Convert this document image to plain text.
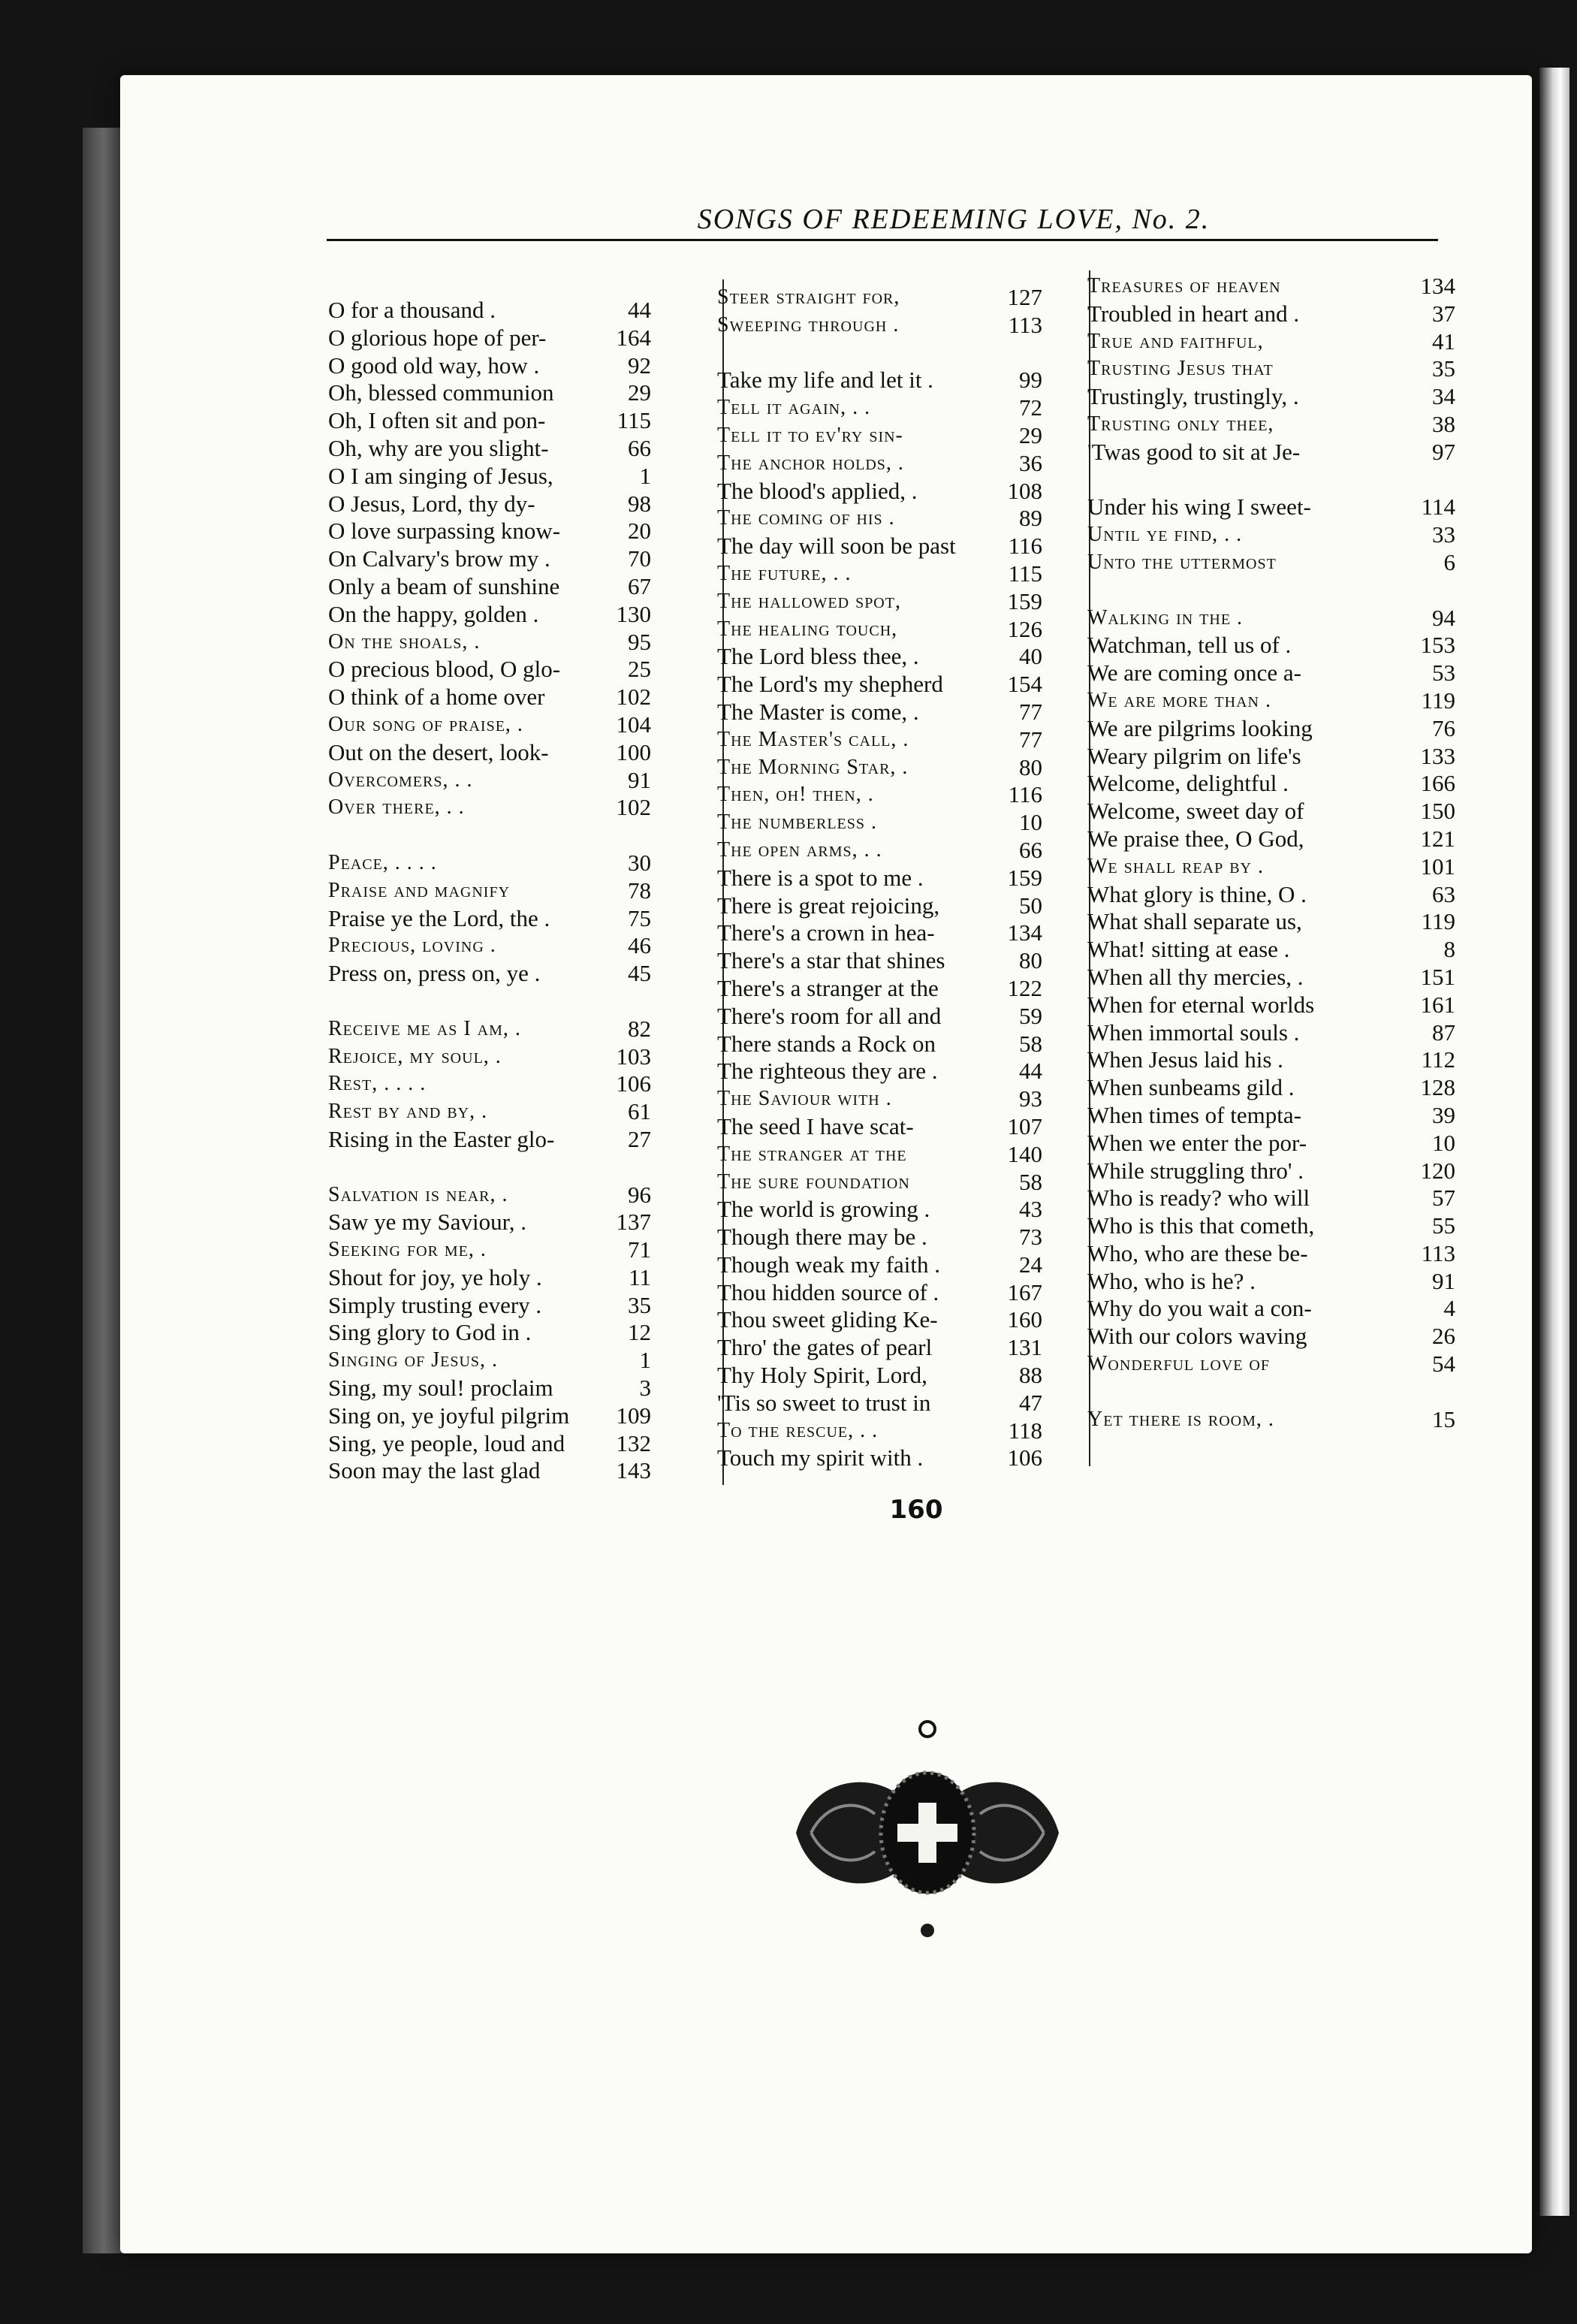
SONGS OF REDEEMING LOVE, No. 2.
O for a thousand .	44
O glorious hope of per-	164
O good old way, how .	92
Oh, blessed communion	29
Oh, I often sit and pon-	115
Oh, why are you slight-	66
O I am singing of Jesus,	1
O Jesus, Lord, thy dy-	98
O love surpassing know-	20
On Calvary's brow my .	70
Only a beam of sunshine	67
On the happy, golden .	130
On the shoals, .	95
O precious blood, O glo-	25
O think of a home over	102
Our song of praise, .	104
Out on the desert, look-	100
Overcomers, . .	91
Over there, . .	102
Peace, . . . .	30
Praise and magnify	78
Praise ye the Lord, the .	75
Precious, loving .	46
Press on, press on, ye .	45
Receive me as I am, .	82
Rejoice, my soul, .	103
Rest, . . . .	106
Rest by and by, .	61
Rising in the Easter glo-	27
Salvation is near, .	96
Saw ye my Saviour, .	137
Seeking for me, .	71
Shout for joy, ye holy .	11
Simply trusting every .	35
Sing glory to God in .	12
Singing of Jesus, .	1
Sing, my soul! proclaim	3
Sing on, ye joyful pilgrim 109
Sing, ye people, loud and 132
Soon may the last glad	143
Steer straight for,	127
Sweeping through .	113
Take my life and let it .	99
Tell it again, . .	72
Tell it to ev'ry sin-	29
The anchor holds, .	36
The blood's applied, .	108
The coming of his .	89
The day will soon be past 116
The future, . .	115
The hallowed spot,	159
The healing touch,	126
The Lord bless thee, .	40
The Lord's my shepherd	154
The Master is come, .	77
The Master's call, .	77
The Morning Star, .	80
Then, oh! then, .	116
The numberless .	10
The open arms, . .	66
There is a spot to me .	159
There is great rejoicing,	50
There's a crown in hea-	134
There's a star that shines	80
There's a stranger at the	122
There's room for all and	59
There stands a Rock on	58
The righteous they are .	44
The Saviour with .	93
The seed I have scat-	107
The stranger at the	140
The sure foundation	58
The world is growing .	43
Though there may be .	73
Though weak my faith .	24
Thou hidden source of .	167
Thou sweet gliding Ke-	160
Thro' the gates of pearl	131
Thy Holy Spirit, Lord,	88
'Tis so sweet to trust in	47
To the rescue, . .	118
Touch my spirit with .	106
Treasures of heaven	134
Troubled in heart and .	37
True and faithful,	41
Trusting Jesus that	35
Trustingly, trustingly, .	34
Trusting only thee,	38
'Twas good to sit at Je-	97
Under his wing I sweet-	114
Until ye find, . .	33
Unto the uttermost	6
Walking in the .	94
Watchman, tell us of .	153
We are coming once a-	53
We are more than .	119
We are pilgrims looking	76
Weary pilgrim on life's	133
Welcome, delightful .	166
Welcome, sweet day of	150
We praise thee, O God,	121
We shall reap by .	101
What glory is thine, O .	63
What shall separate us,	119
What! sitting at ease .	8
When all thy mercies, .	151
When for eternal worlds	161
When immortal souls .	87
When Jesus laid his .	112
When sunbeams gild .	128
When times of tempta-	39
When we enter the por-	10
While struggling thro' .	120
Who is ready? who will	57
Who is this that cometh,	55
Who, who are these be-	113
Who, who is he? .	91
Why do you wait a con-	4
With our colors waving	26
Wonderful love of	54
Yet there is room, .	15
160
